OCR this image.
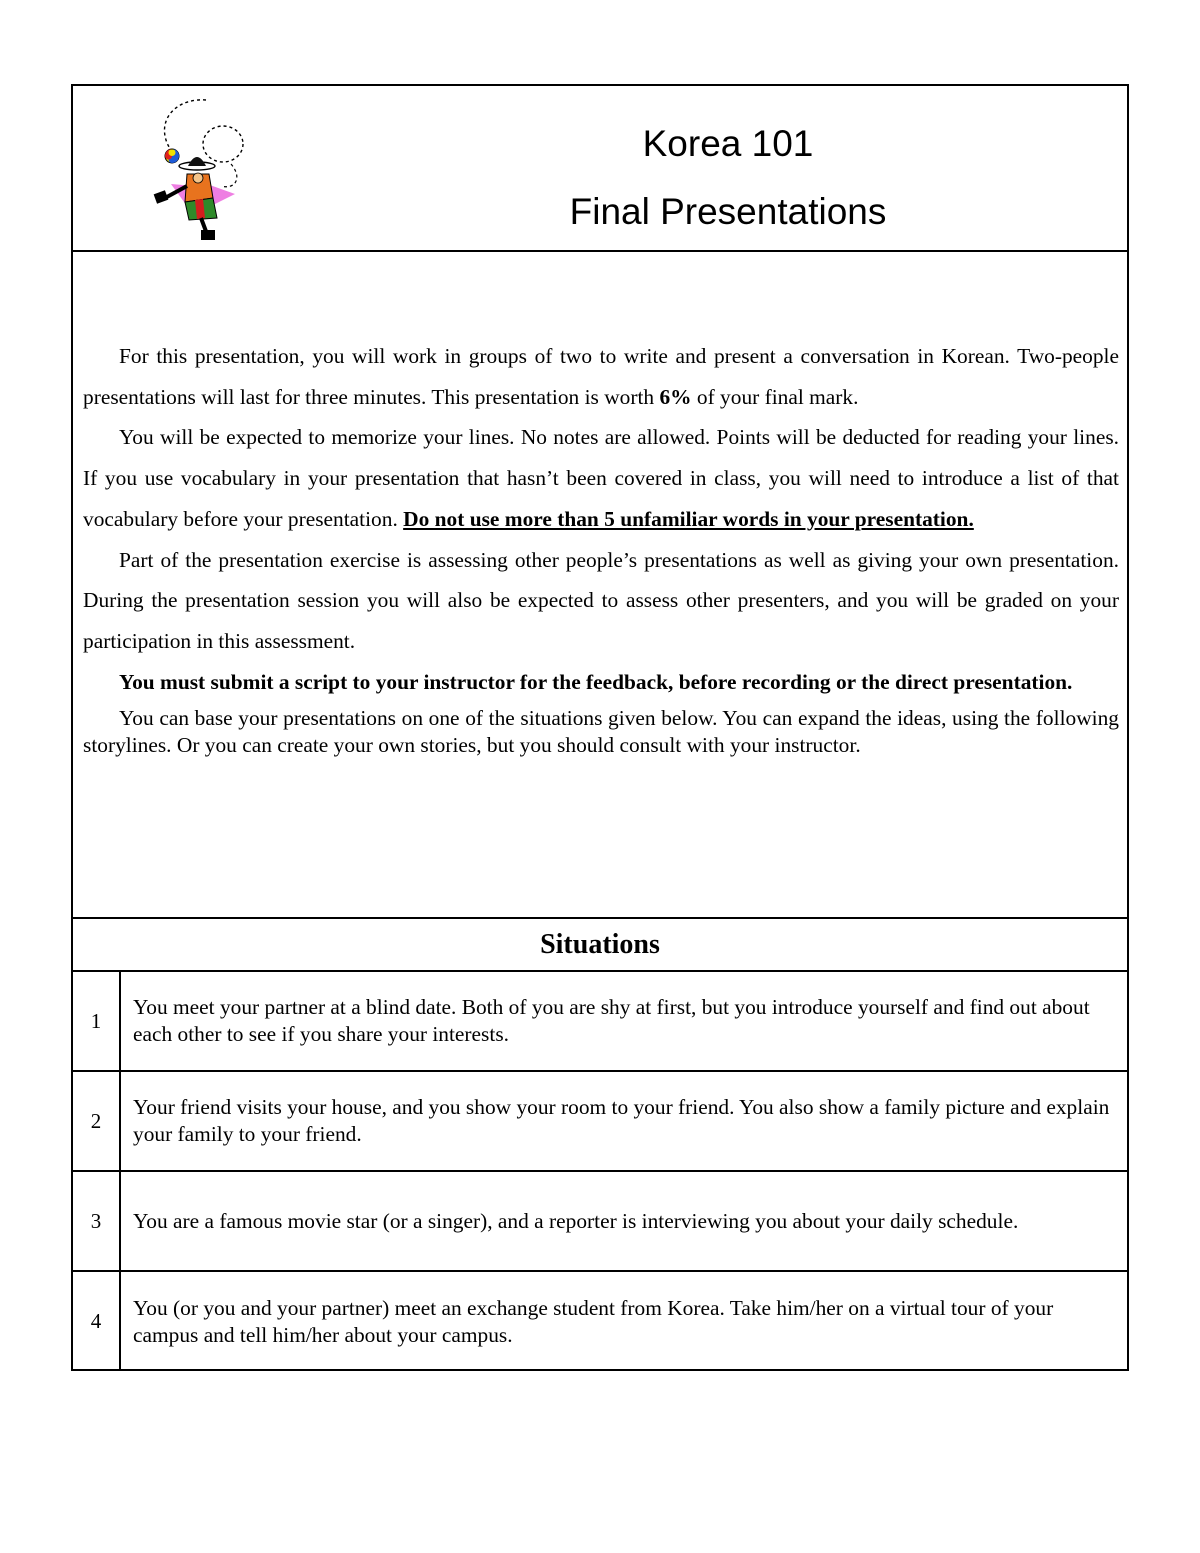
Korea 101
Final Presentations

For this presentation, you will work in groups of two to write and present a conversation in Korean. Two-people presentations will last for three minutes. This presentation is worth 6% of your final mark.

You will be expected to memorize your lines. No notes are allowed. Points will be deducted for reading your lines. If you use vocabulary in your presentation that hasn’t been covered in class, you will need to introduce a list of that vocabulary before your presentation. Do not use more than 5 unfamiliar words in your presentation.

Part of the presentation exercise is assessing other people’s presentations as well as giving your own presentation. During the presentation session you will also be expected to assess other presenters, and you will be graded on your participation in this assessment.

You must submit a script to your instructor for the feedback, before recording or the direct presentation.

You can base your presentations on one of the situations given below. You can expand the ideas, using the following storylines. Or you can create your own stories, but you should consult with your instructor.

Situations
1
You meet your partner at a blind date. Both of you are shy at first, but you introduce yourself and find out about each other to see if you share your interests.
2
Your friend visits your house, and you show your room to your friend. You also show a family picture and explain your family to your friend.
3	You are a famous movie star (or a singer), and a reporter is interviewing you about your daily schedule.
4
You (or you and your partner) meet an exchange student from Korea. Take him/her on a virtual tour of your campus and tell him/her about your campus.
